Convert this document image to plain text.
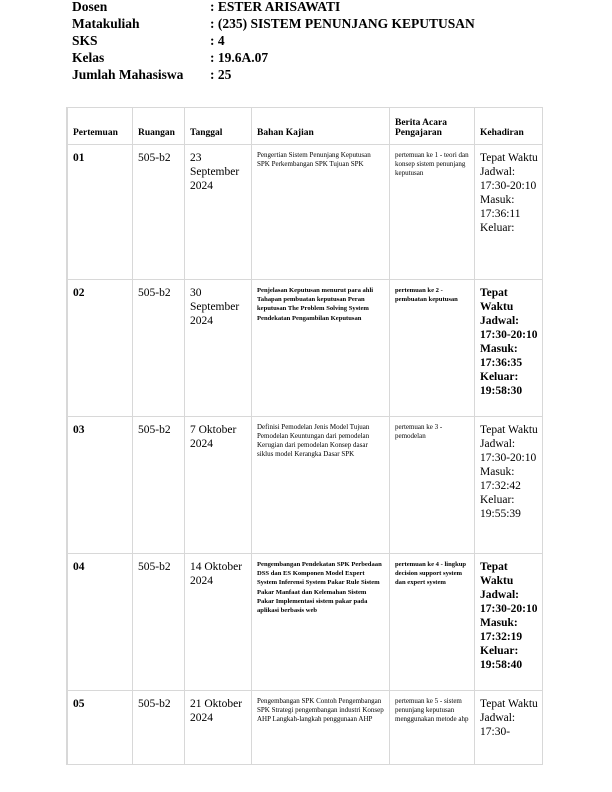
Dosen	: ESTER ARISAWATI
Matakuliah	: (235) SISTEM PENUNJANG KEPUTUSAN
SKS	: 4
Kelas	: 19.6A.07
Jumlah Mahasiswa : 25
Pertemuan	Ruangan	Tanggal	Bahan Kajian	Berita Acara Pengajaran	Kehadiran
01	505-b2	23 September 2024	Pengertian Sistem Penunjang Keputusan SPK Perkembangan SPK Tujuan SPK	pertemuan ke 1 - teori dan konsep sistem penunjang keputusan	Tepat Waktu Jadwal: 17:30-20:10 Masuk: 17:36:11 Keluar:
02	505-b2	30 September 2024	Penjelasan Keputusan menurut para ahli Tahapan pembuatan keputusan Peran keputusan The Problem Solving System Pendekatan Pengambilan Keputusan	pertemuan ke 2 - pembuatan keputusan	Tepat Waktu Jadwal: 17:30-20:10 Masuk: 17:36:35 Keluar: 19:58:30
03	505-b2	7 Oktober 2024	Definisi Pemodelan Jenis Model Tujuan Pemodelan Keuntungan dari pemodelan Kerugian dari pemodelan Konsep dasar siklus model Kerangka Dasar SPK	pertemuan ke 3 - pemodelan	Tepat Waktu Jadwal: 17:30-20:10 Masuk: 17:32:42 Keluar: 19:55:39
04	505-b2	14 Oktober 2024	Pengembangan Pendekatan SPK Perbedaan DSS dan ES Komponen Model Expert System Inferensi System Pakar Rule Sistem Pakar Manfaat dan Kelemahan Sistem Pakar Implementasi sistem pakar pada aplikasi berbasis web	pertemuan ke 4 - lingkup decision support system dan expert system	Tepat Waktu Jadwal: 17:30-20:10 Masuk: 17:32:19 Keluar: 19:58:40
05	505-b2	21 Oktober 2024	Pengembangan SPK Contoh Pengembangan SPK Strategi pengembangan industri Konsep AHP Langkah-langkah penggunaan AHP	pertemuan ke 5 - sistem penunjang keputusan menggunakan metode ahp	Tepat Waktu Jadwal: 17:30-
